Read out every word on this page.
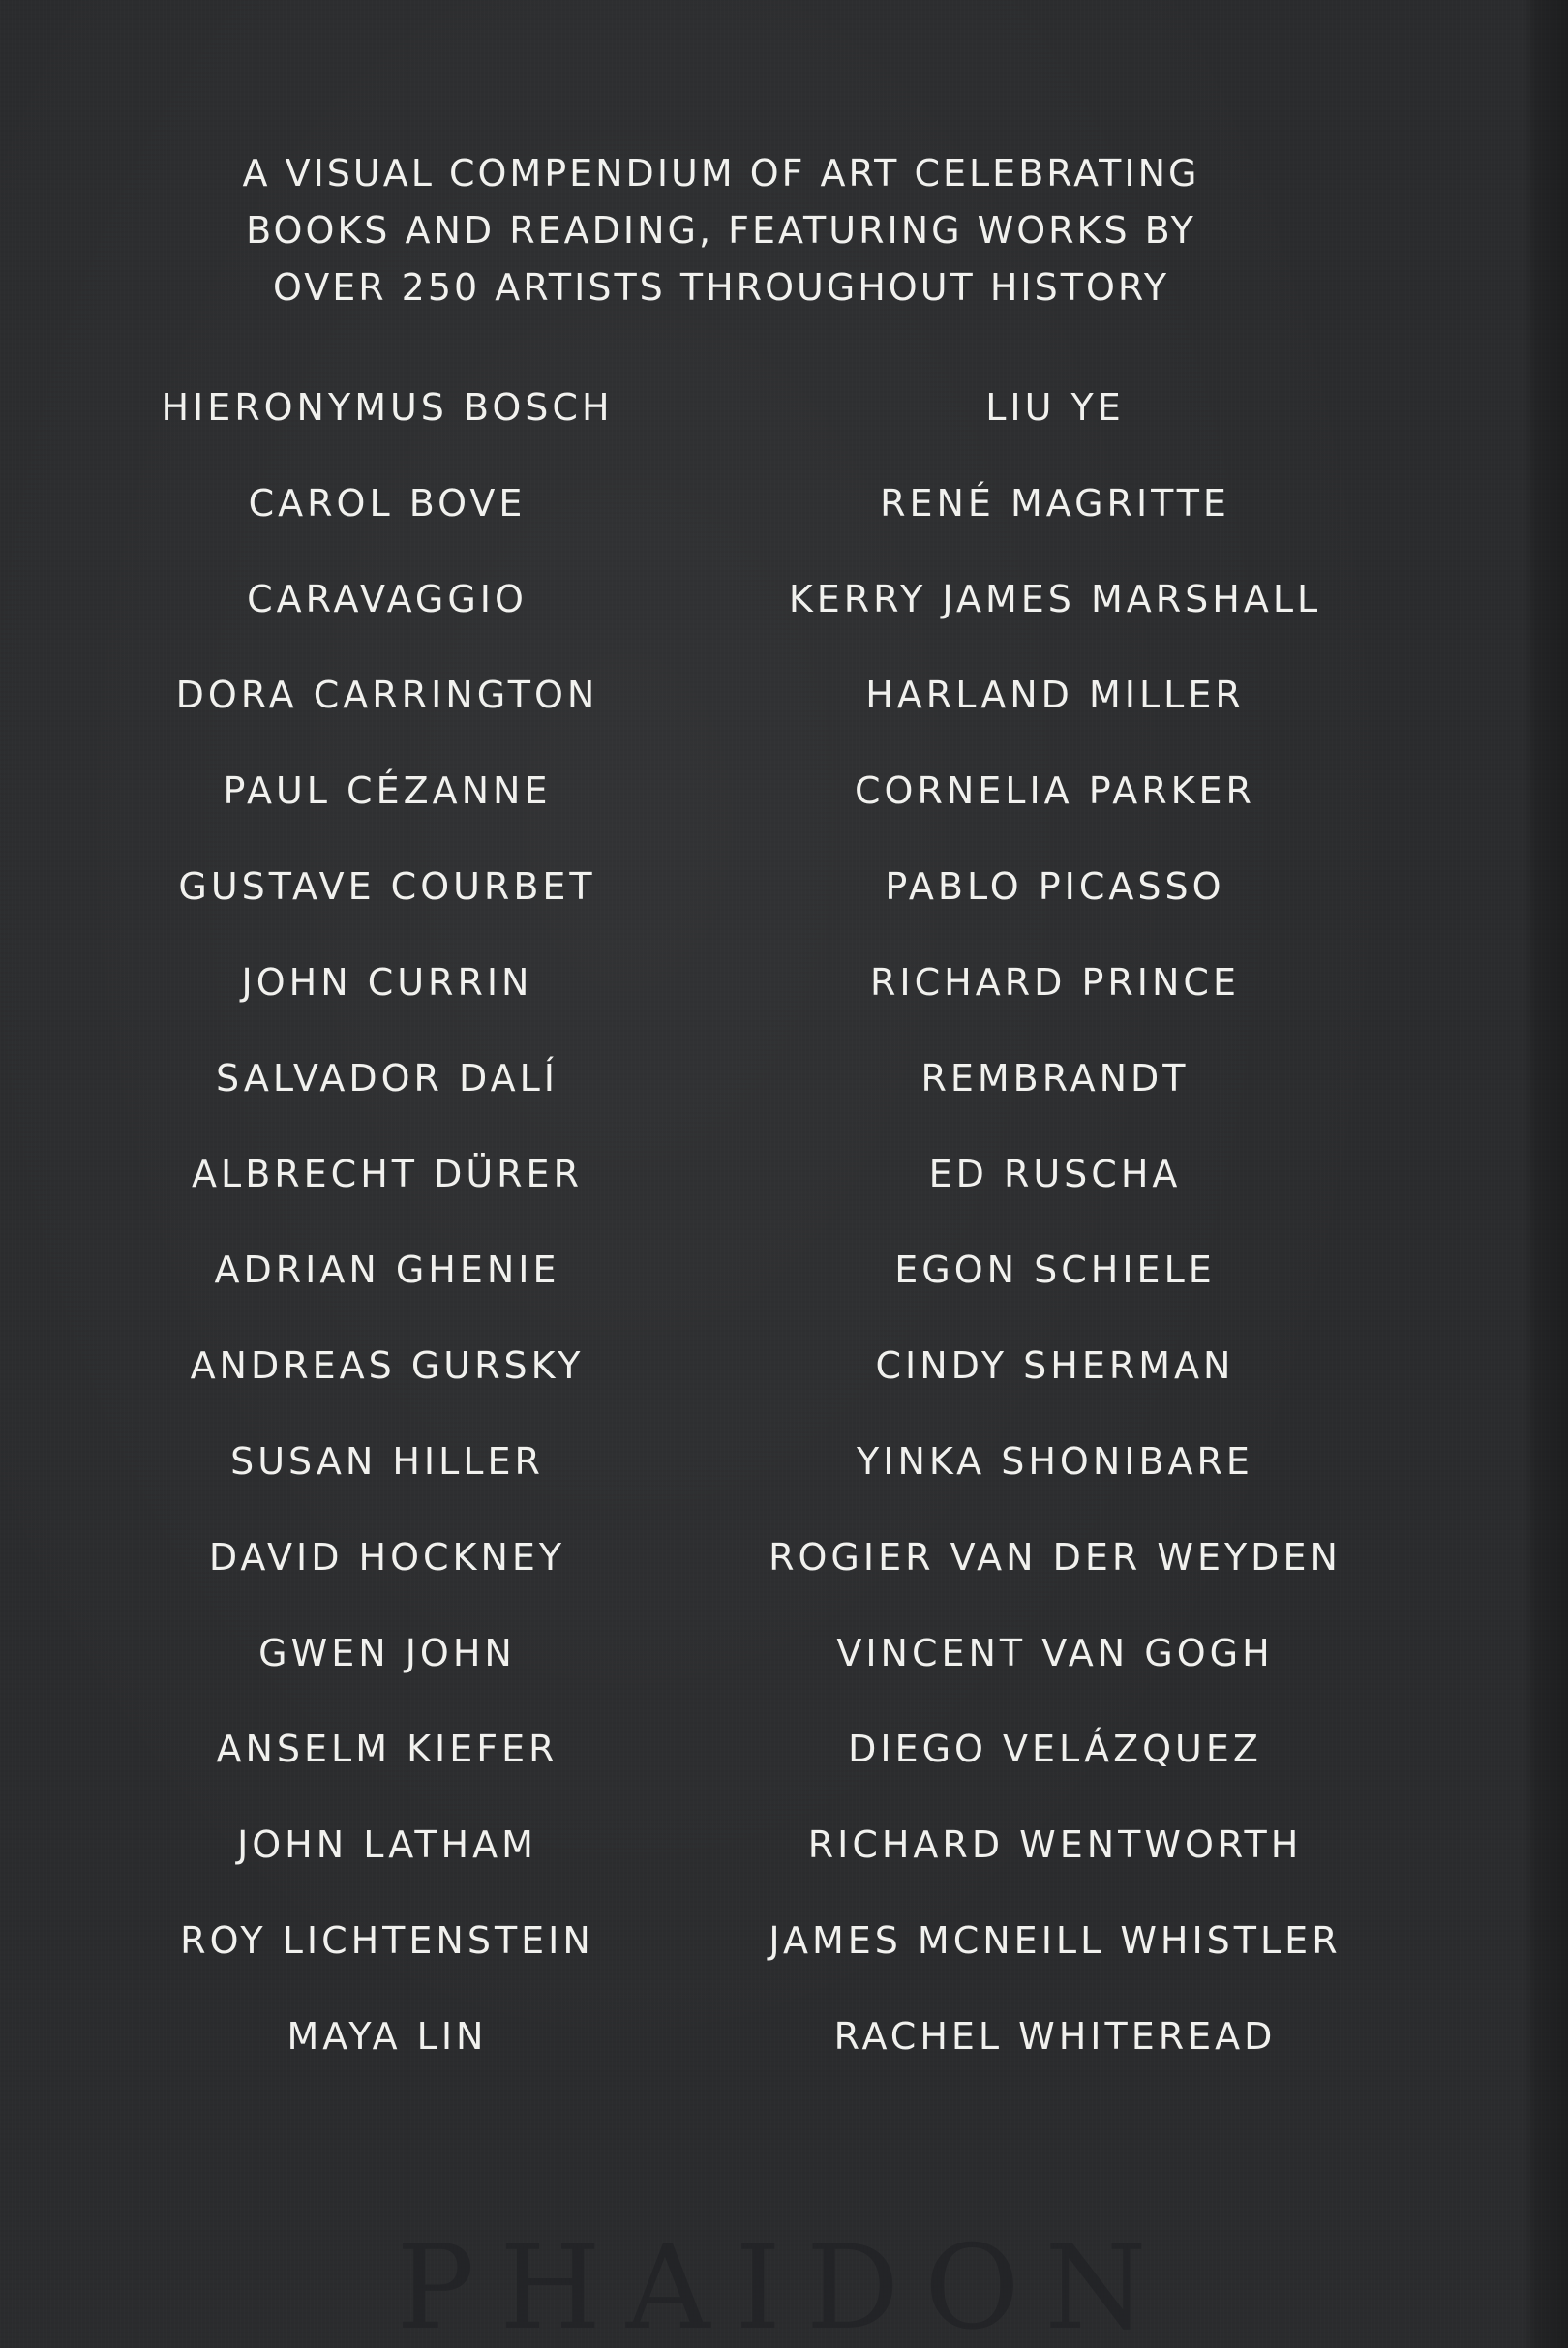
A VISUAL COMPENDIUM OF ART CELEBRATING
BOOKS AND READING, FEATURING WORKS BY
OVER 250 ARTISTS THROUGHOUT HISTORY

HIERONYMUS BOSCH
CAROL BOVE
CARAVAGGIO
DORA CARRINGTON
PAUL CÉZANNE
GUSTAVE COURBET
JOHN CURRIN
SALVADOR DALÍ
ALBRECHT DÜRER
ADRIAN GHENIE
ANDREAS GURSKY
SUSAN HILLER
DAVID HOCKNEY
GWEN JOHN
ANSELM KIEFER
JOHN LATHAM
ROY LICHTENSTEIN
MAYA LIN
LIU YE
RENÉ MAGRITTE
KERRY JAMES MARSHALL
HARLAND MILLER
CORNELIA PARKER
PABLO PICASSO
RICHARD PRINCE
REMBRANDT
ED RUSCHA
EGON SCHIELE
CINDY SHERMAN
YINKA SHONIBARE
ROGIER VAN DER WEYDEN
VINCENT VAN GOGH
DIEGO VELÁZQUEZ
RICHARD WENTWORTH
JAMES MCNEILL WHISTLER
RACHEL WHITEREAD
PHAIDON
